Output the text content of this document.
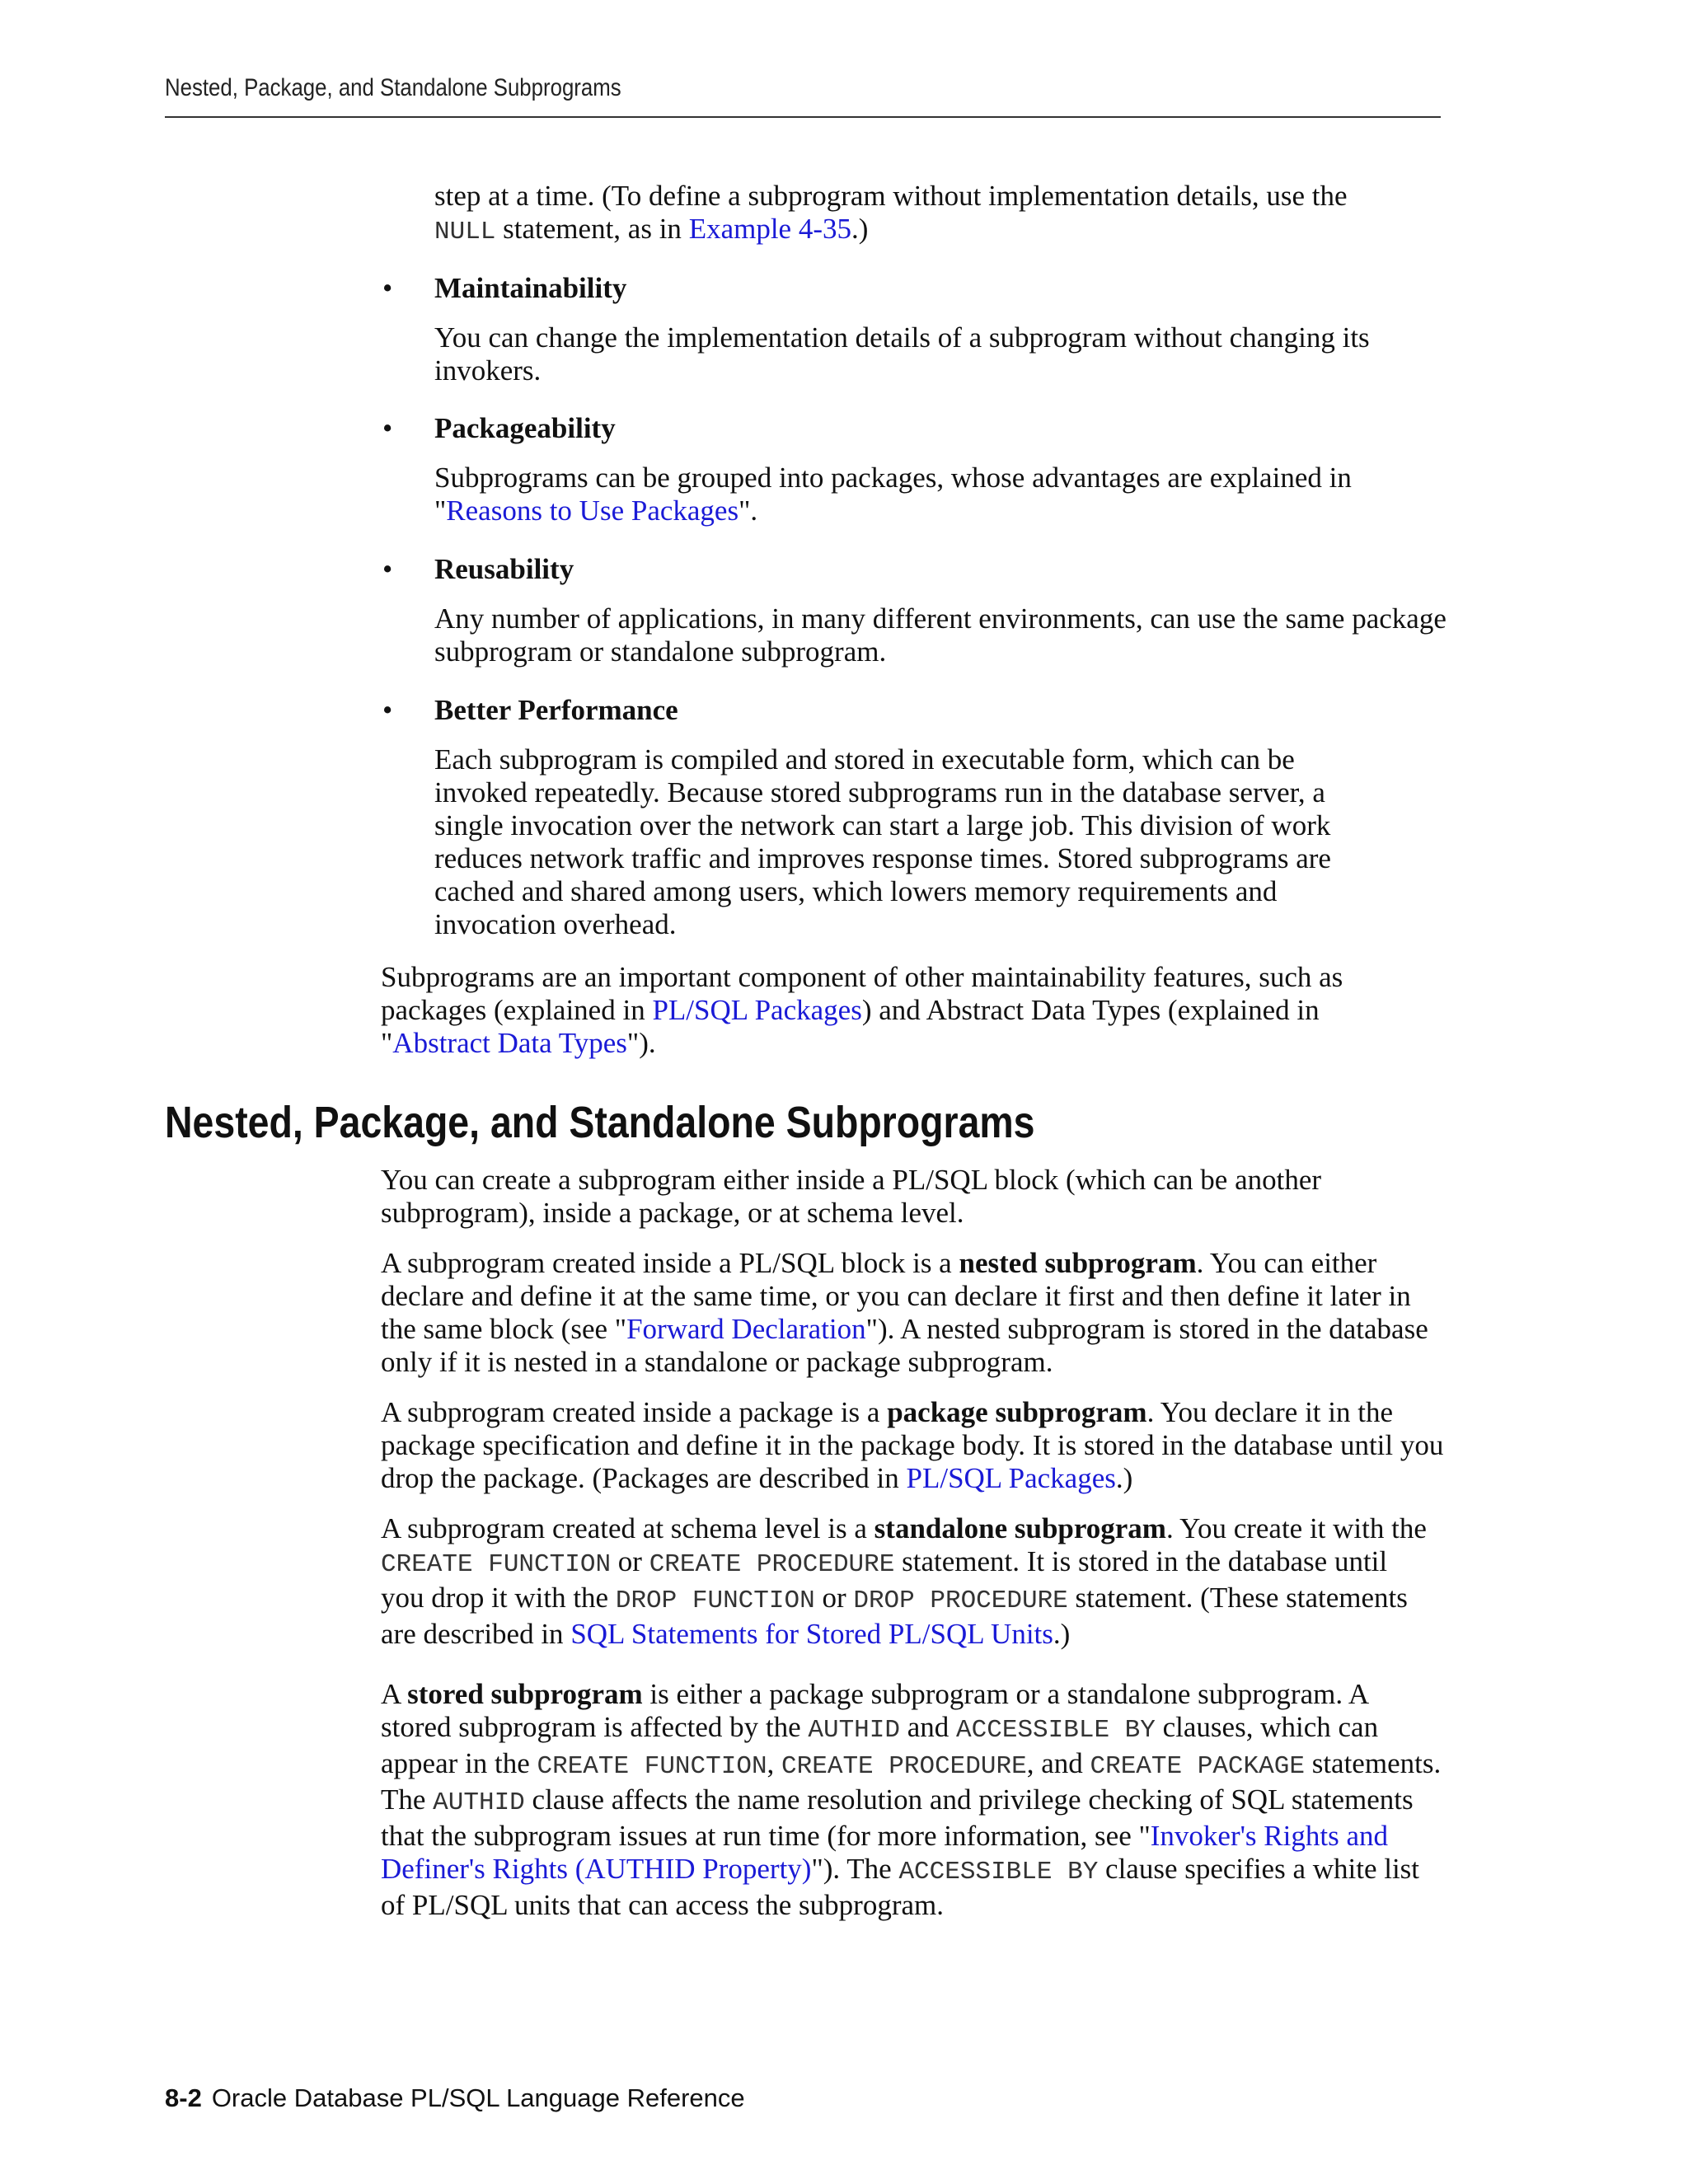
Nested, Package, and Standalone Subprograms

step at a time. (To define a subprogram without implementation details, use the
NULL statement, as in Example 4-35.)

• Maintainability

You can change the implementation details of a subprogram without changing its invokers.

• Packageability

Subprograms can be grouped into packages, whose advantages are explained in "Reasons to Use Packages".

• Reusability

Any number of applications, in many different environments, can use the same package subprogram or standalone subprogram.

• Better Performance

Each subprogram is compiled and stored in executable form, which can be invoked repeatedly. Because stored subprograms run in the database server, a single invocation over the network can start a large job. This division of work reduces network traffic and improves response times. Stored subprograms are cached and shared among users, which lowers memory requirements and invocation overhead.

Subprograms are an important component of other maintainability features, such as packages (explained in PL/SQL Packages) and Abstract Data Types (explained in "Abstract Data Types").

Nested, Package, and Standalone Subprograms

You can create a subprogram either inside a PL/SQL block (which can be another subprogram), inside a package, or at schema level.

A subprogram created inside a PL/SQL block is a nested subprogram. You can either declare and define it at the same time, or you can declare it first and then define it later in the same block (see "Forward Declaration"). A nested subprogram is stored in the database only if it is nested in a standalone or package subprogram.

A subprogram created inside a package is a package subprogram. You declare it in the package specification and define it in the package body. It is stored in the database until you drop the package. (Packages are described in PL/SQL Packages.)

A subprogram created at schema level is a standalone subprogram. You create it with the CREATE FUNCTION or CREATE PROCEDURE statement. It is stored in the database until you drop it with the DROP FUNCTION or DROP PROCEDURE statement. (These statements are described in SQL Statements for Stored PL/SQL Units.)

A stored subprogram is either a package subprogram or a standalone subprogram. A stored subprogram is affected by the AUTHID and ACCESSIBLE BY clauses, which can appear in the CREATE FUNCTION, CREATE PROCEDURE, and CREATE PACKAGE statements. The AUTHID clause affects the name resolution and privilege checking of SQL statements that the subprogram issues at run time (for more information, see "Invoker's Rights and Definer's Rights (AUTHID Property)"). The ACCESSIBLE BY clause specifies a white list of PL/SQL units that can access the subprogram.

8-2 Oracle Database PL/SQL Language Reference
